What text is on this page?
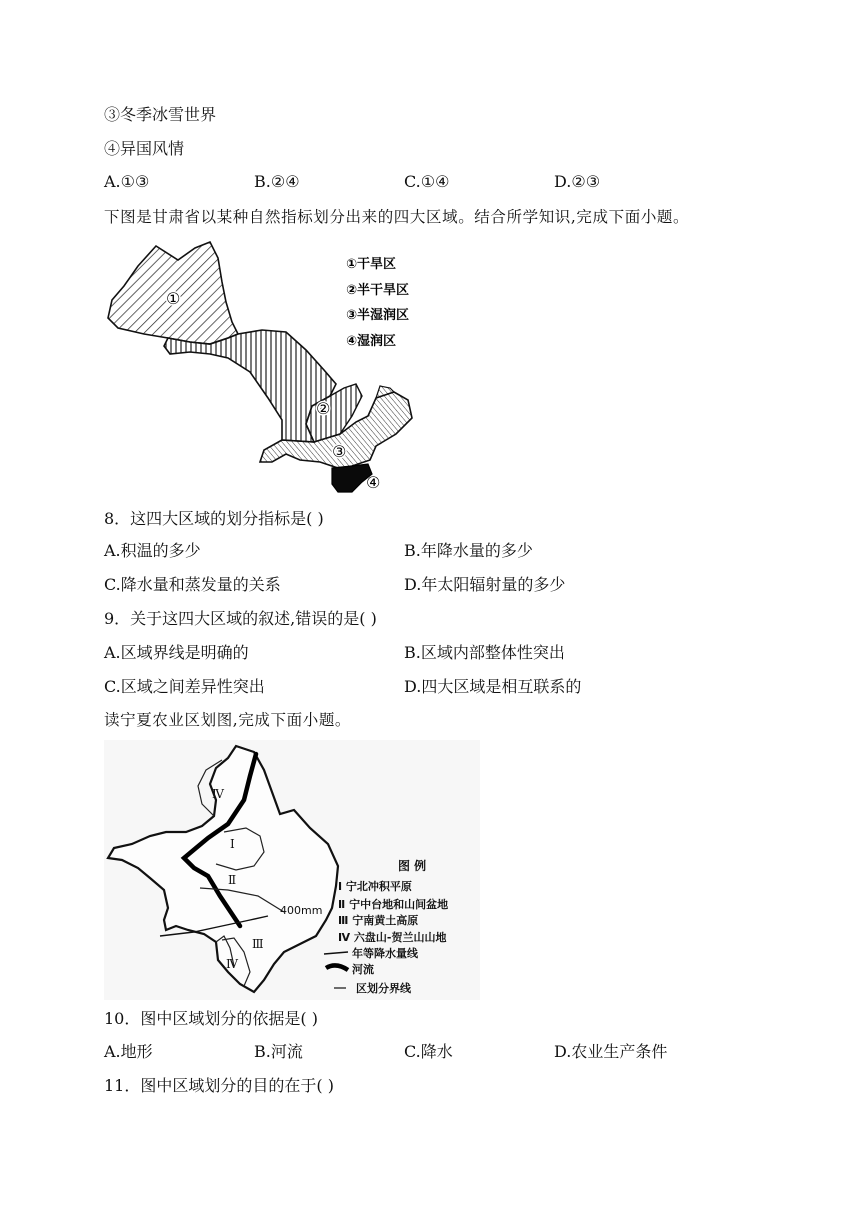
③冬季冰雪世界
④异国风情
A.①③	B.②④	C.①④	D.②③
下图是甘肃省以某种自然指标划分出来的四大区域。结合所学知识,完成下面小题。
①
②
③
④
①干旱区
②半干旱区
③半湿润区
④湿润区
8．这四大区域的划分指标是( )
A.积温的多少	B.年降水量的多少
C.降水量和蒸发量的关系	D.年太阳辐射量的多少
9．关于这四大区域的叙述,错误的是( )
A.区域界线是明确的	B.区域内部整体性突出
C.区域之间差异性突出	D.四大区域是相互联系的
读宁夏农业区划图,完成下面小题。
400mm
Ⅳ
Ⅰ
Ⅱ
Ⅲ
Ⅳ
图 例
Ⅰ 宁北冲积平原
Ⅱ 宁中台地和山间盆地
Ⅲ 宁南黄土高原
Ⅳ 六盘山-贺兰山山地
年等降水量线
河流
区划分界线
10．图中区域划分的依据是( )
A.地形	B.河流	C.降水	D.农业生产条件
11．图中区域划分的目的在于( )
